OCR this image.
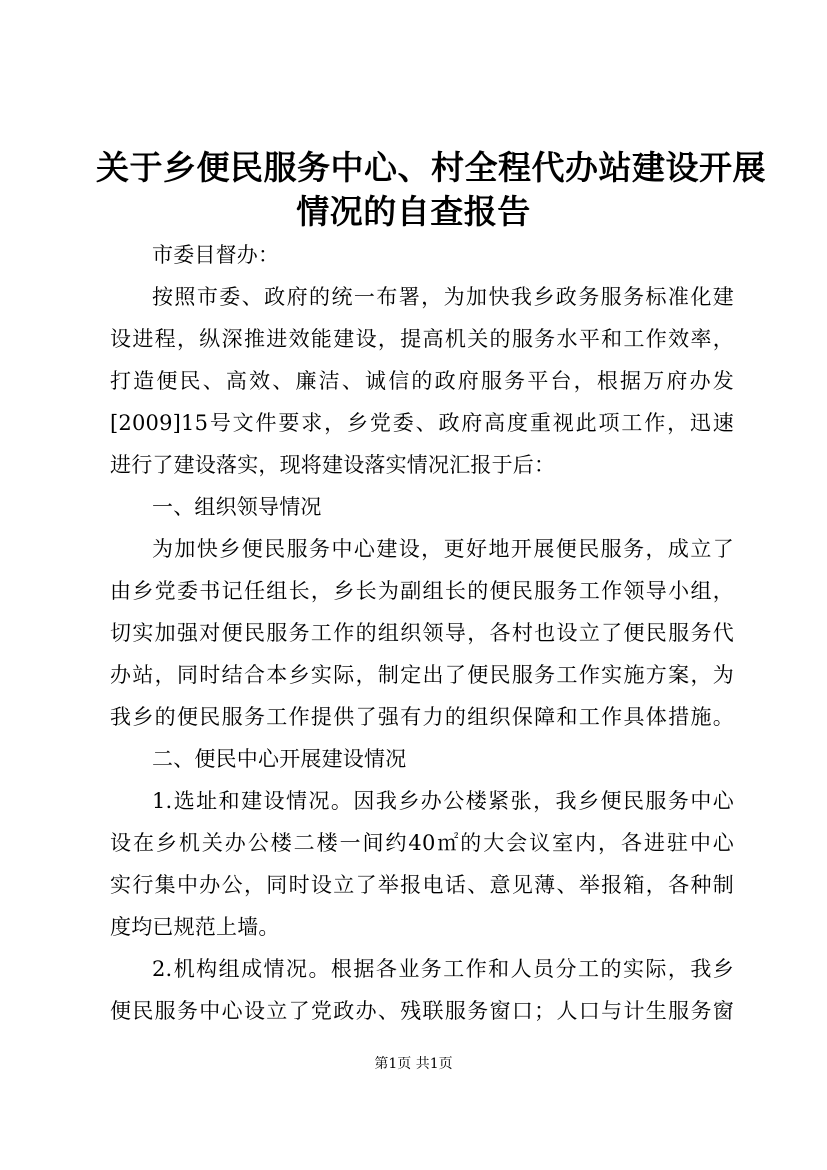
关于乡便民服务中心、村全程代办站建设开展
情况的自查报告
市委目督办：
按照市委、政府的统一布署，为加快我乡政务服务标准化建
设进程，纵深推进效能建设，提高机关的服务水平和工作效率，
打造便民、高效、廉洁、诚信的政府服务平台，根据万府办发
[2009]15号文件要求，乡党委、政府高度重视此项工作，迅速
进行了建设落实，现将建设落实情况汇报于后：
一、组织领导情况
为加快乡便民服务中心建设，更好地开展便民服务，成立了
由乡党委书记任组长，乡长为副组长的便民服务工作领导小组，
切实加强对便民服务工作的组织领导，各村也设立了便民服务代
办站，同时结合本乡实际，制定出了便民服务工作实施方案，为
我乡的便民服务工作提供了强有力的组织保障和工作具体措施。
二、便民中心开展建设情况
1.选址和建设情况。因我乡办公楼紧张，我乡便民服务中心
设在乡机关办公楼二楼一间约40㎡的大会议室内，各进驻中心
实行集中办公，同时设立了举报电话、意见薄、举报箱，各种制
度均已规范上墙。
2.机构组成情况。根据各业务工作和人员分工的实际，我乡
便民服务中心设立了党政办、残联服务窗口；人口与计生服务窗
第1页 共1页
